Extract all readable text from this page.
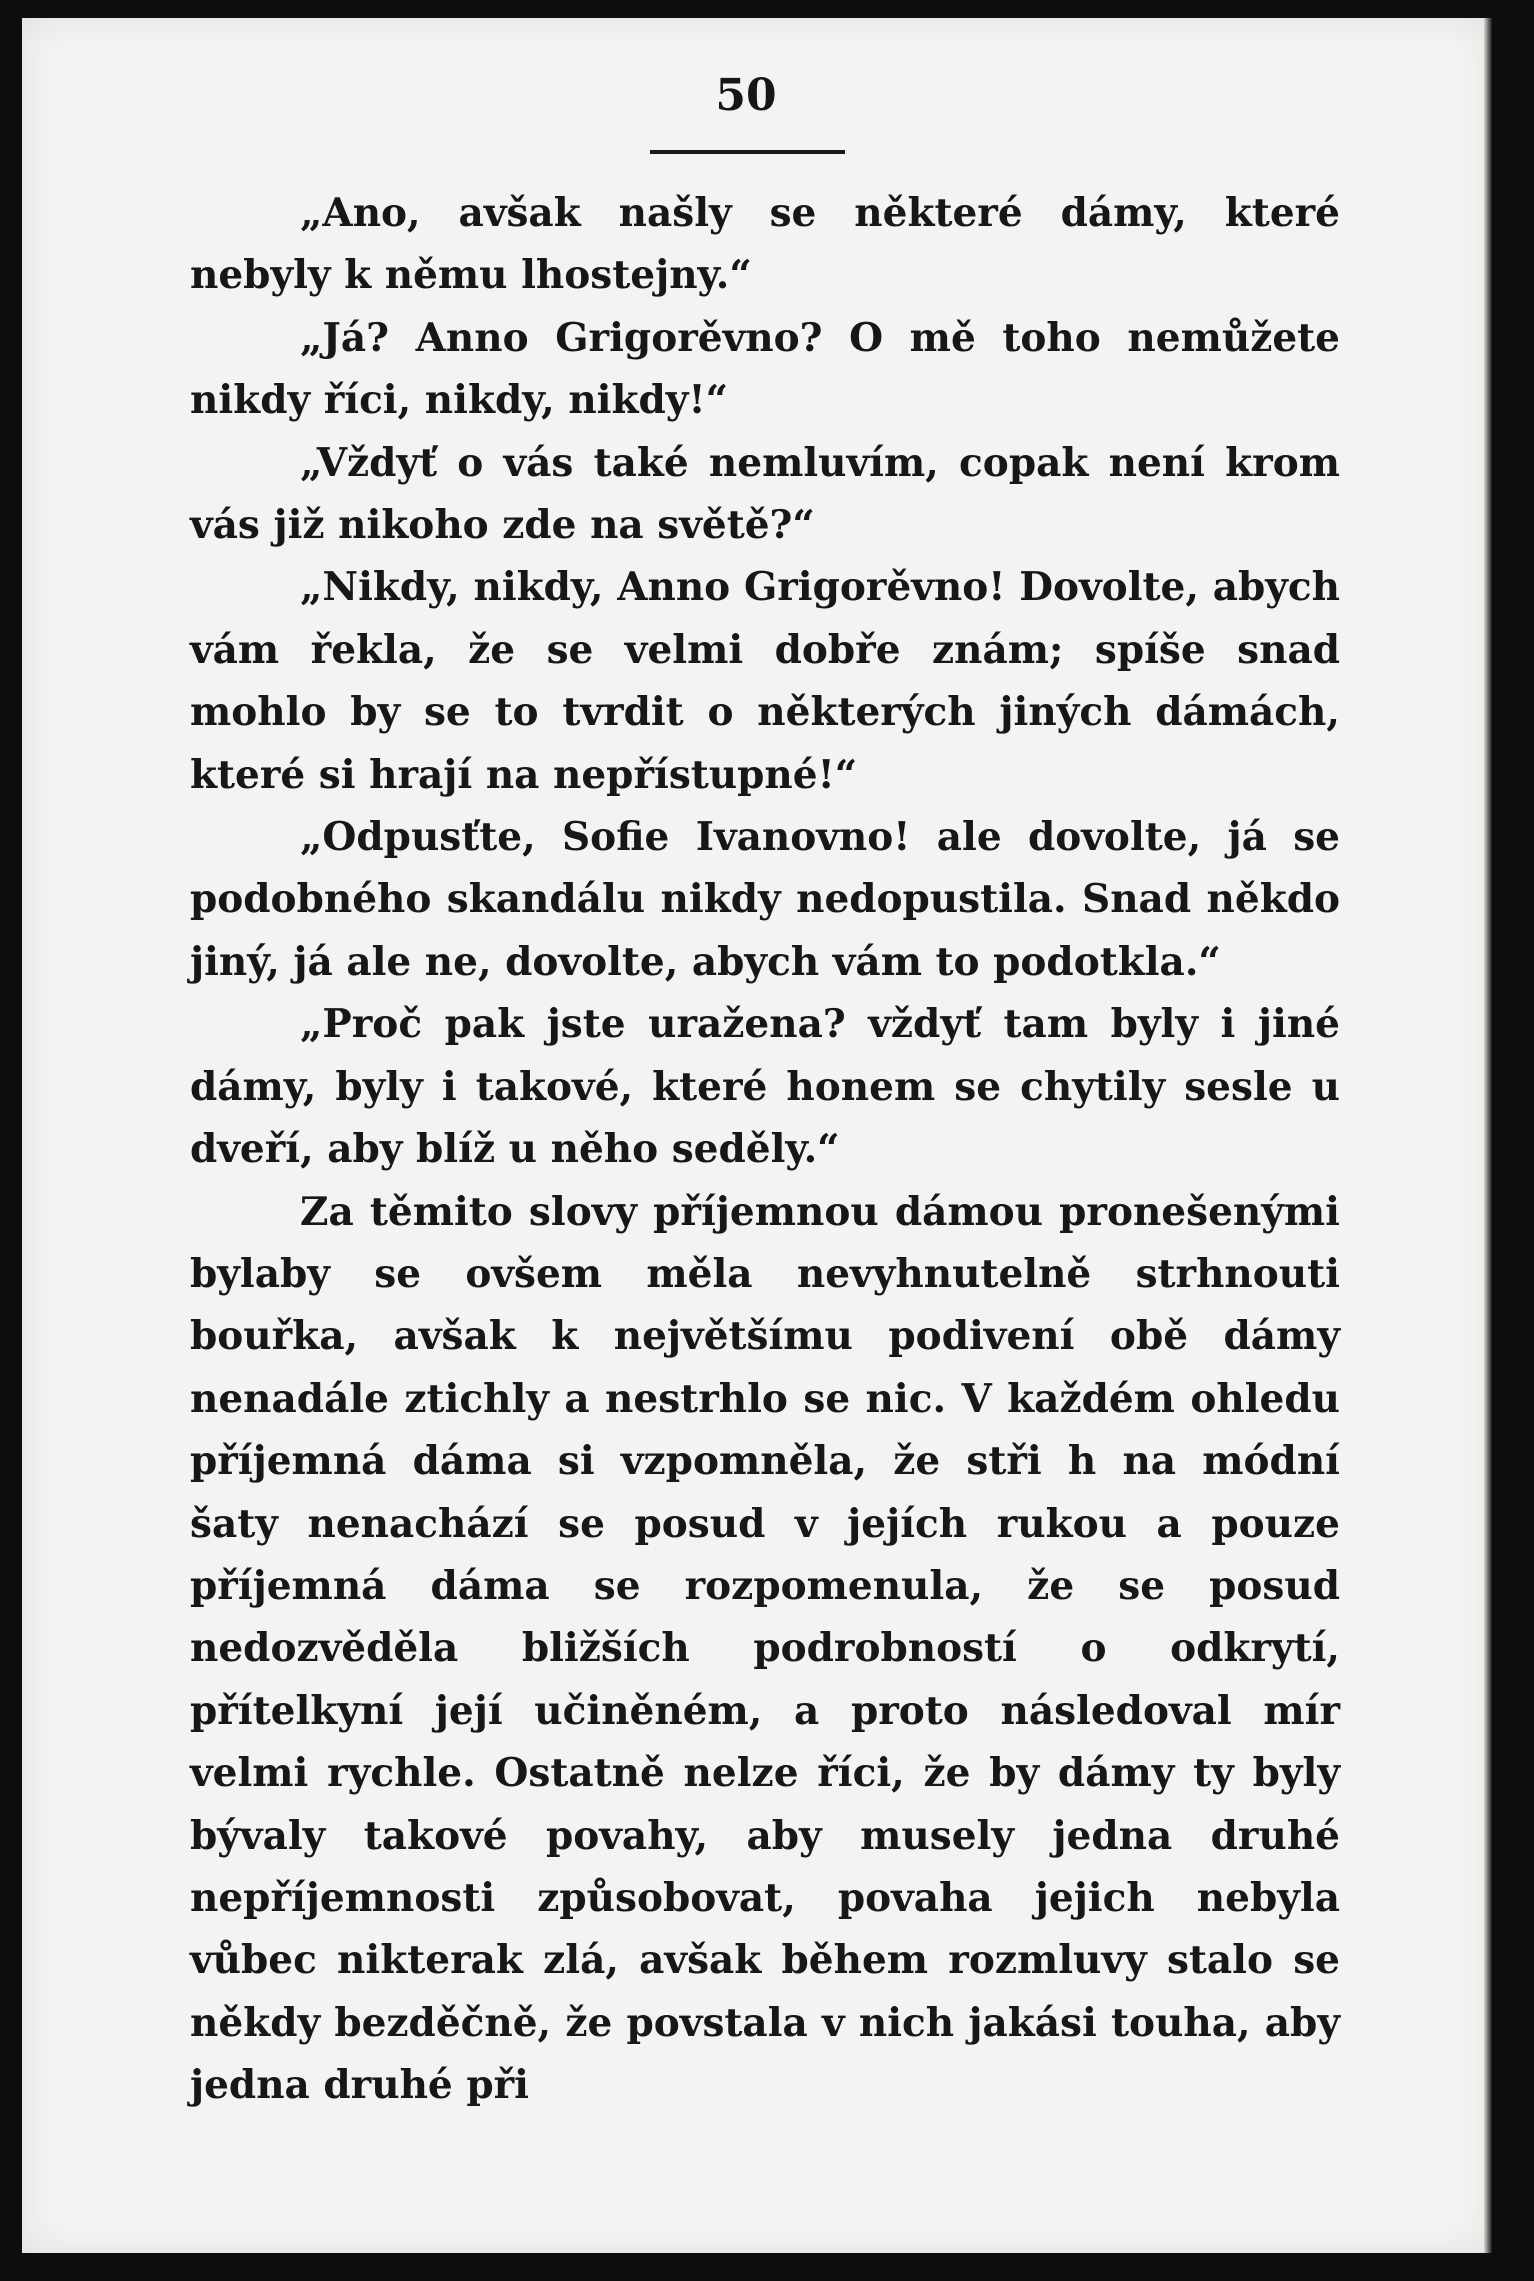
50

„Ano, avšak našly se některé dámy, které nebyly k němu lhostejny.“

„Já? Anno Grigorěvno? O mě toho nemůžete nikdy říci, nikdy, nikdy!“

„Vždyť o vás také nemluvím, copak není krom vás již nikoho zde na světě?“

„Nikdy, nikdy, Anno Grigorěvno! Dovolte, abych vám řekla, že se velmi dobře znám; spíše snad mohlo by se to tvrdit o některých jiných dámách, které si hrají na nepřístupné!“

„Odpusťte, Sofie Ivanovno! ale dovolte, já se podobného skandálu nikdy nedopustila. Snad někdo jiný, já ale ne, dovolte, abych vám to podotkla.“

„Proč pak jste uražena? vždyť tam byly i jiné dámy, byly i takové, které honem se chytily sesle u dveří, aby blíž u něho seděly.“

Za těmito slovy příjemnou dámou pronešenými bylaby se ovšem měla nevyhnutelně strhnouti bouřka, avšak k největšímu podivení obě dámy nenadále ztichly a nestrhlo se nic. V každém ohledu příjemná dáma si vzpomněla, že stři h na módní šaty nenachází se posud v jejích rukou a pouze příjemná dáma se rozpomenula, že se posud nedozvěděla bližších podrobností o odkrytí, přítelkyní její učiněném, a proto následoval mír velmi rychle. Ostatně nelze říci, že by dámy ty byly bývaly takové povahy, aby musely jedna druhé nepříjemnosti způsobovat, povaha jejich nebyla vůbec nikterak zlá, avšak během rozmluvy stalo se někdy bezděčně, že povstala v nich jakási touha, aby jedna druhé při
